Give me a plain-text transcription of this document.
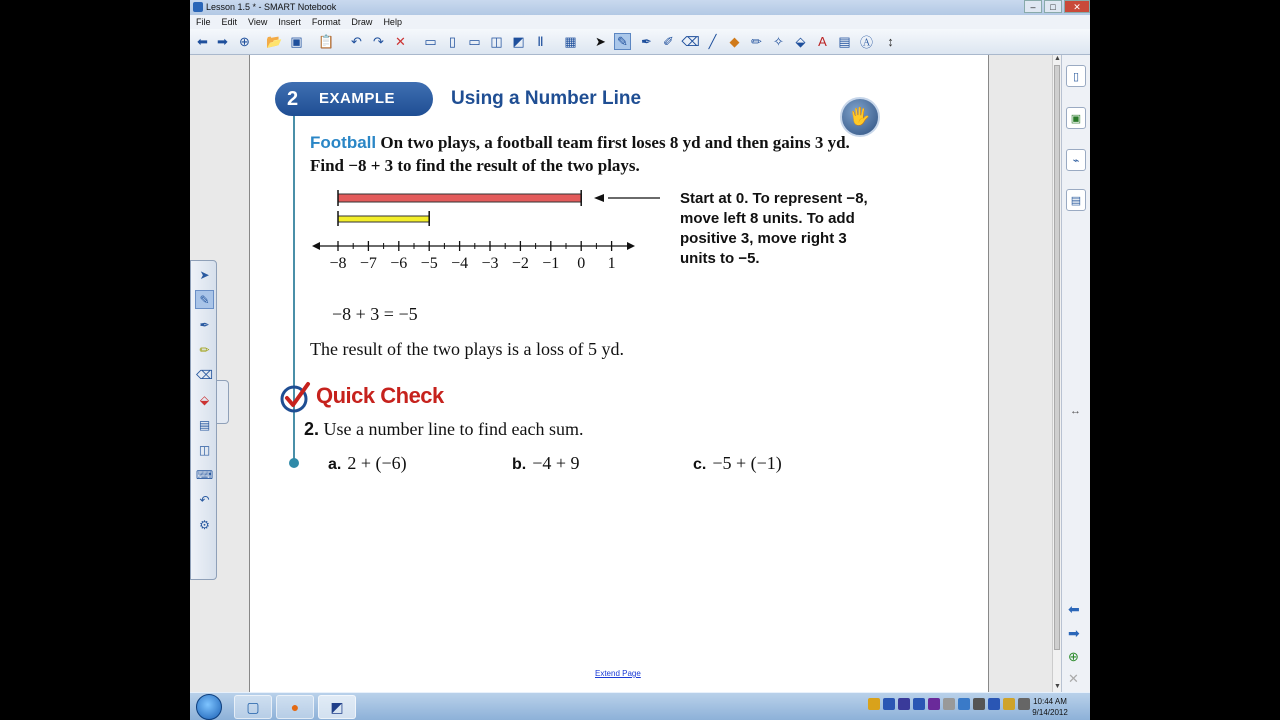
Lesson 1.5 * - SMART Notebook	–	□	✕
File Edit View Insert Format Draw Help
⬅ ➡ ⊕ 📂 ▣ 📋 ↶ ↷ ✕ ▭ ▯ ▭ ◫ ◩ Ⅱ	▦ ➤ ✎ ✒ ✐ ⌫ ╱	◆ ✏ ✧ ⬙ A ▤ Ⓐ	↕
2	EXAMPLE	Using a Number Line
🖐
Football On two plays, a football team first loses 8 yd and then gains 3 yd. Find −8 + 3 to find the result of the two plays.
−8 −7 −6 −5 −4 −3 −2 −1 0 1
Start at 0. To represent −8, move left 8 units. To add positive 3, move right 3 units to −5.
−8 + 3 = −5
The result of the two plays is a loss of 5 yd.
Quick Check
2. Use a number line to find each sum.
a. 2 + (−6)	b. −4 + 9	c. −5 + (−1)
Extend Page
➤
✎
✒
✏
⌫
⬙
▤
◫
⌨
↶
⚙
▲
▼
▯
▣
⌁
▤
↔
⬅
➡
⊕
✕
▢	●	◩	10:44 AM
9/14/2012
